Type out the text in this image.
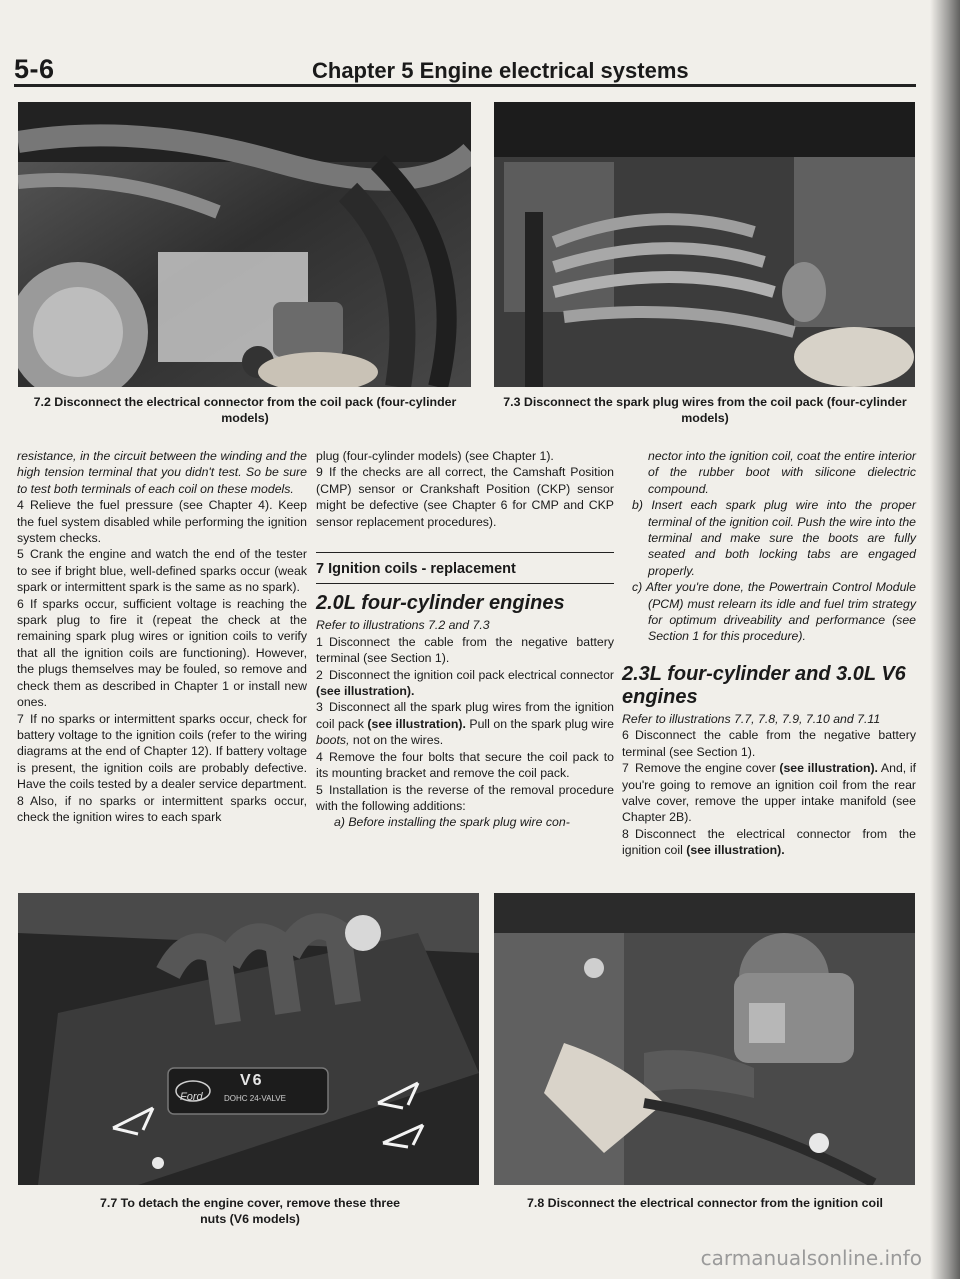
5-6	Chapter 5 Engine electrical systems
7.2 Disconnect the electrical connector from the coil pack (four-cylinder models)
7.3 Disconnect the spark plug wires from the coil pack (four-cylinder models)

resistance, in the circuit between the winding and the high tension terminal that you didn't test. So be sure to test both terminals of each coil on these models.

4 Relieve the fuel pressure (see Chapter 4). Keep the fuel system disabled while performing the ignition system checks.

5 Crank the engine and watch the end of the tester to see if bright blue, well-defined sparks occur (weak spark or intermittent spark is the same as no spark).

6 If sparks occur, sufficient voltage is reaching the spark plug to fire it (repeat the check at the remaining spark plug wires or ignition coils to verify that all the ignition coils are functioning). However, the plugs themselves may be fouled, so remove and check them as described in Chapter 1 or install new ones.

7 If no sparks or intermittent sparks occur, check for battery voltage to the ignition coils (refer to the wiring diagrams at the end of Chapter 12). If battery voltage is present, the ignition coils are probably defective. Have the coils tested by a dealer service department.

8 Also, if no sparks or intermittent sparks occur, check the ignition wires to each spark

plug (four-cylinder models) (see Chapter 1).

9 If the checks are all correct, the Camshaft Position (CMP) sensor or Crankshaft Position (CKP) sensor might be defective (see Chapter 6 for CMP and CKP sensor replacement procedures).

7 Ignition coils - replacement
2.0L four-cylinder engines

Refer to illustrations 7.2 and 7.3

1 Disconnect the cable from the negative battery terminal (see Section 1).

2 Disconnect the ignition coil pack electrical connector (see illustration).

3 Disconnect all the spark plug wires from the ignition coil pack (see illustration). Pull on the spark plug wire boots, not on the wires.

4 Remove the four bolts that secure the coil pack to its mounting bracket and remove the coil pack.

5 Installation is the reverse of the removal procedure with the following additions:

a) Before installing the spark plug wire con-

nector into the ignition coil, coat the entire interior of the rubber boot with silicone dielectric compound.

b) Insert each spark plug wire into the proper terminal of the ignition coil. Push the wire into the terminal and make sure the boots are fully seated and both locking tabs are engaged properly.

c) After you're done, the Powertrain Control Module (PCM) must relearn its idle and fuel trim strategy for optimum driveability and performance (see Section 1 for this procedure).

2.3L four-cylinder and 3.0L V6 engines

Refer to illustrations 7.7, 7.8, 7.9, 7.10 and 7.11

6 Disconnect the cable from the negative battery terminal (see Section 1).

7 Remove the engine cover (see illustration). And, if you're going to remove an ignition coil from the rear valve cover, remove the upper intake manifold (see Chapter 2B).

8 Disconnect the electrical connector from the ignition coil (see illustration).

Ford
V6
DOHC 24-VALVE
7.7 To detach the engine cover, remove these three nuts (V6 models)
7.8 Disconnect the electrical connector from the ignition coil
carmanualsonline.info
